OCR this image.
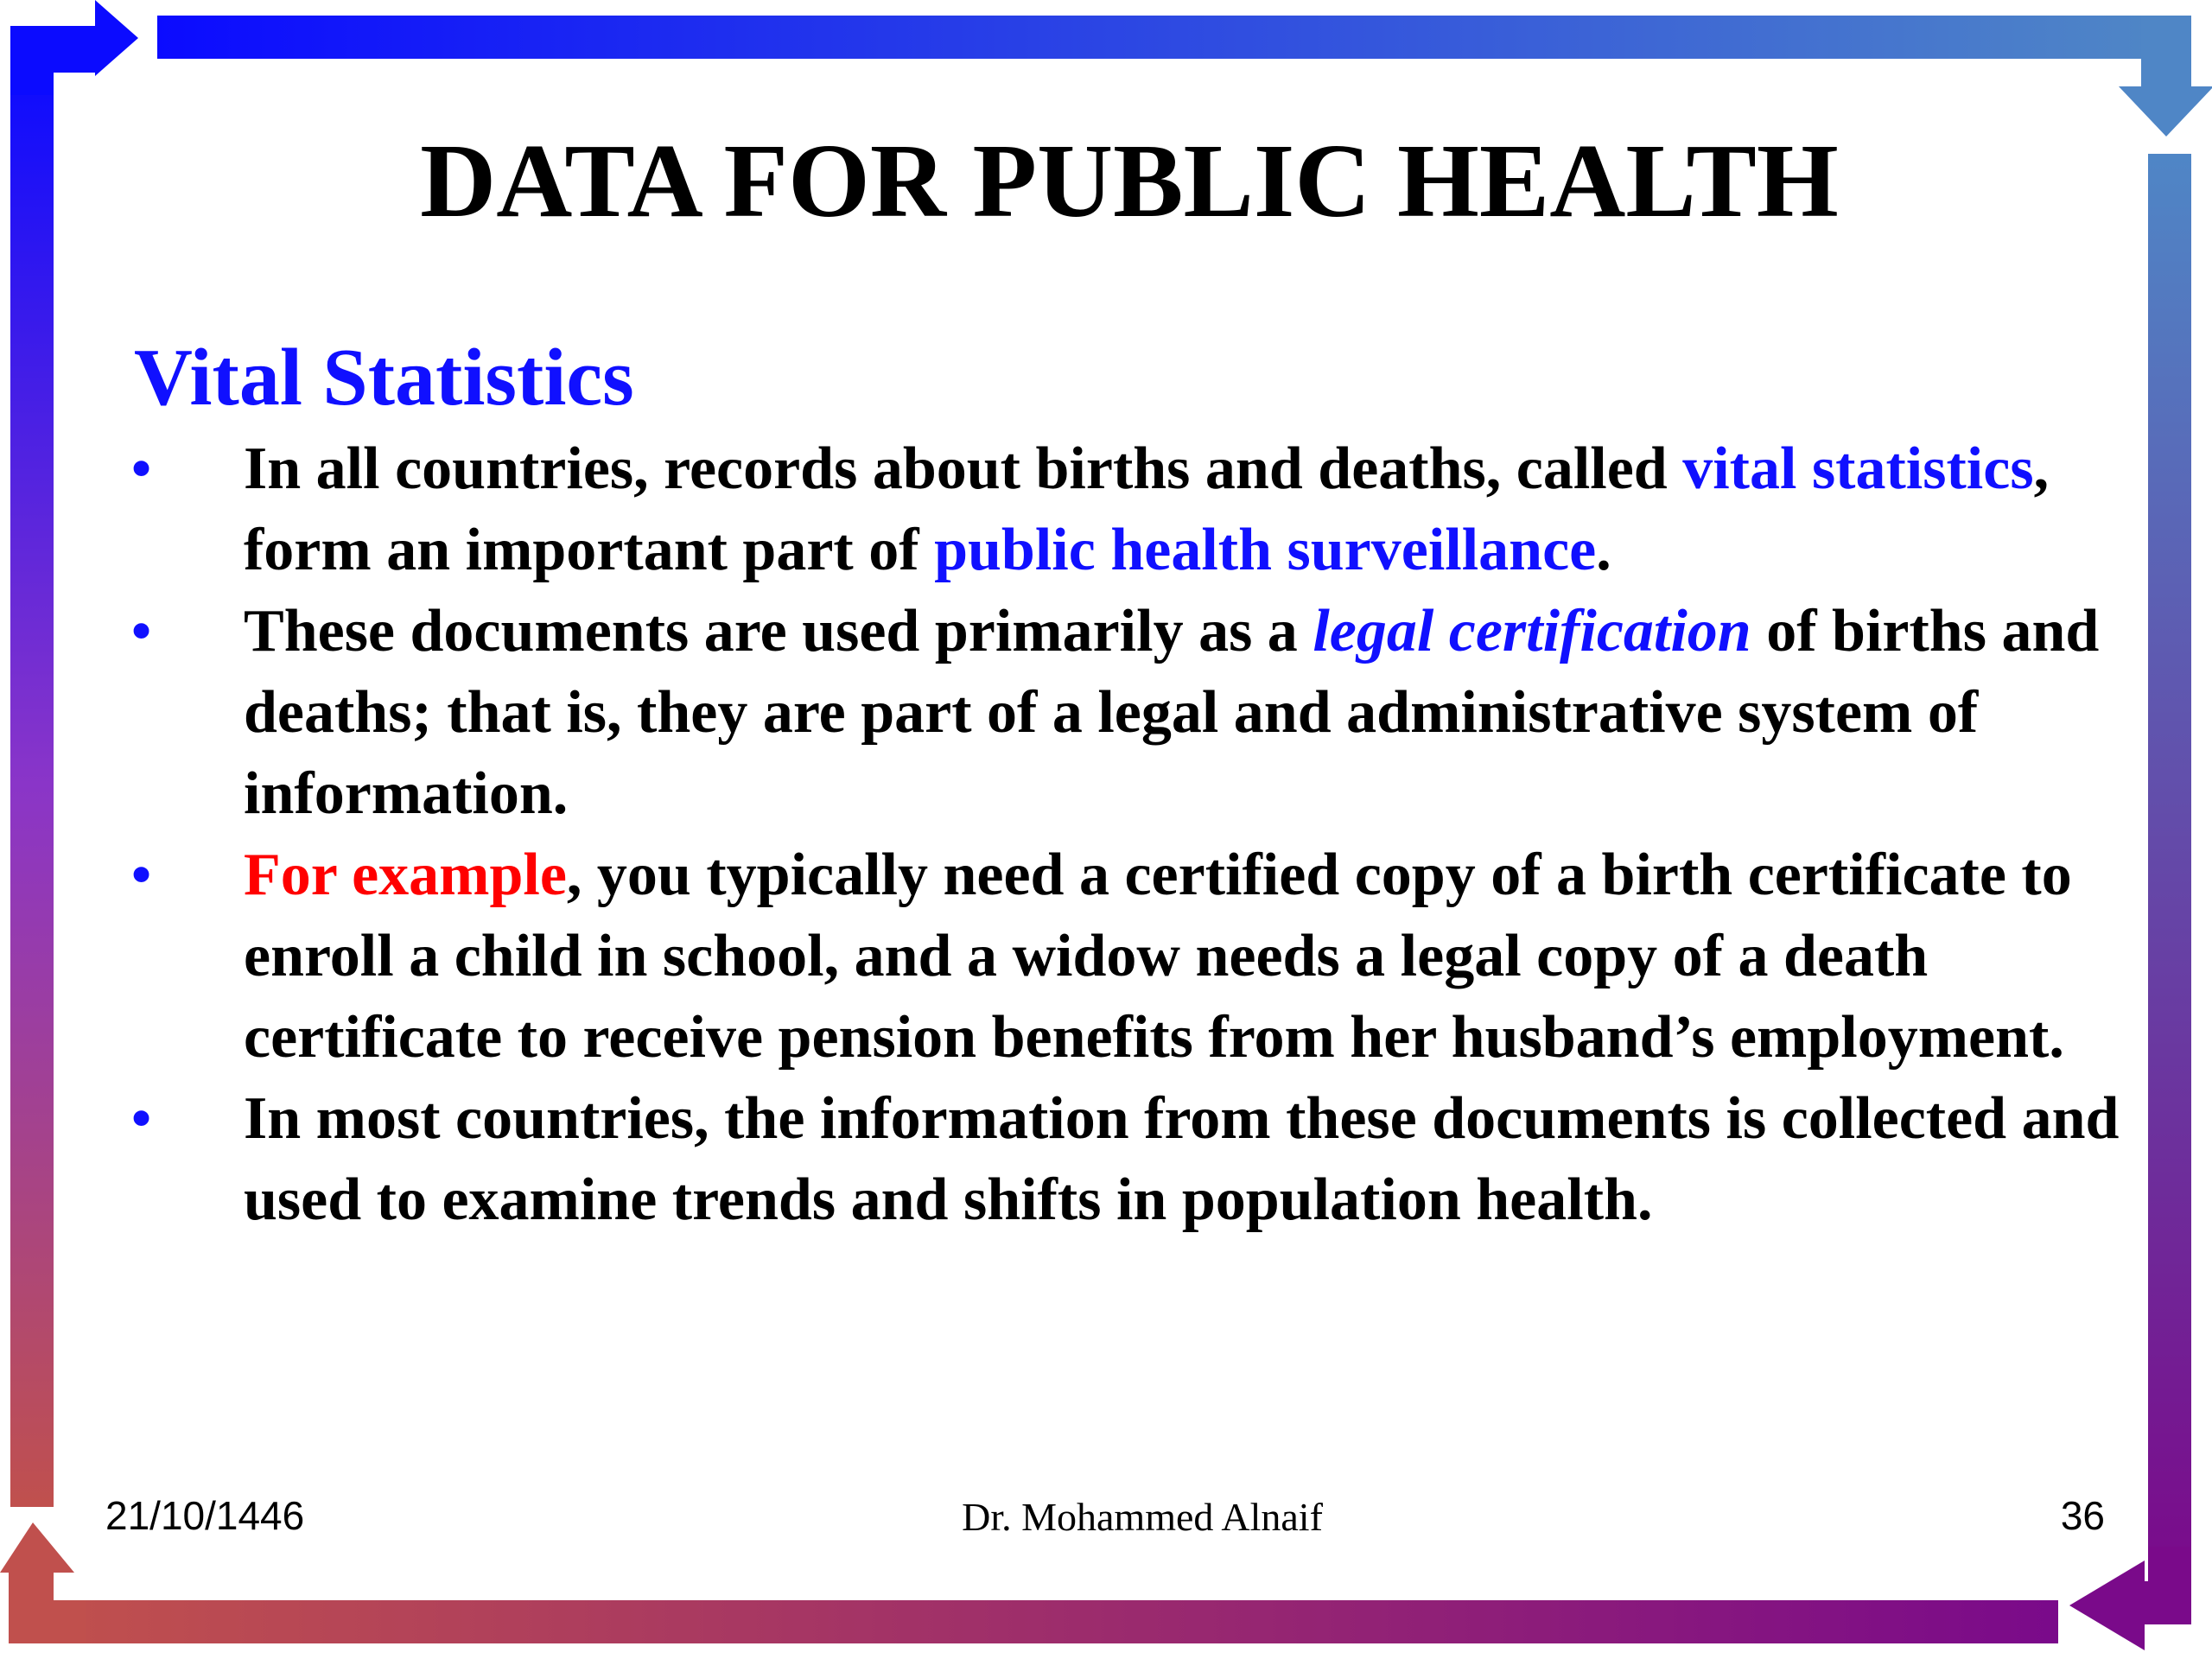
DATA FOR PUBLIC HEALTH
Vital Statistics
• In all countries, records about births and deaths, called vital statistics, form an important part of public health surveillance.
• These documents are used primarily as a legal certification of births and deaths; that is, they are part of a legal and administrative system of information.
• For example, you typically need a certified copy of a birth certificate to enroll a child in school, and a widow needs a legal copy of a death certificate to receive pension benefits from her husband’s employment.
• In most countries, the information from these documents is collected and used to examine trends and shifts in population health.
21/10/1446	Dr. Mohammed Alnaif	36
